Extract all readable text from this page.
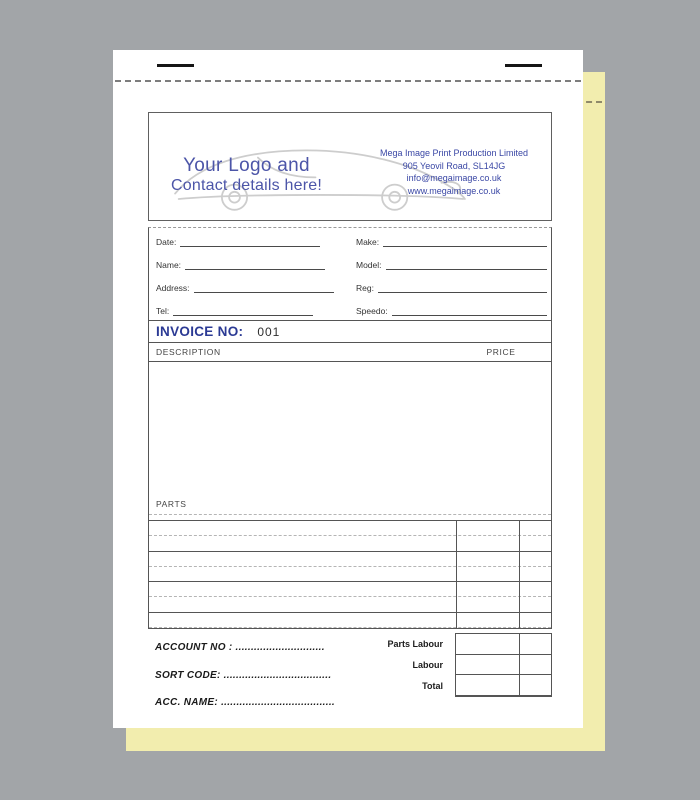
Your Logo and
Contact details here!
Mega Image Print Production Limited
905 Yeovil Road, SL14JG
info@megaimage.co.uk
www.megaimage.co.uk
Date:	Make:
Name:	Model:
Address:	Reg:
Tel:	Speedo:
INVOICE NO: 001
DESCRIPTION	PRICE
PARTS
Parts Labour
Labour
Total
ACCOUNT NO : .............................
SORT CODE: ...................................
ACC. NAME: .....................................
